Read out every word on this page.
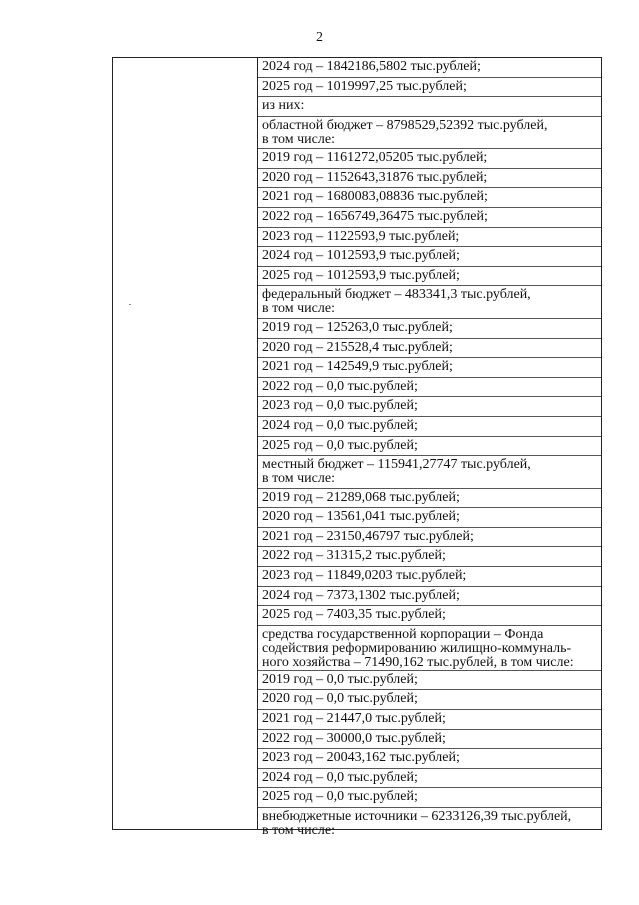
2
2024 год – 1842186,5802 тыс.рублей;
2025 год – 1019997,25 тыс.рублей;
из них:
областной бюджет – 8798529,52392 тыс.рублей,
в том числе:
2019 год – 1161272,05205 тыс.рублей;
2020 год – 1152643,31876 тыс.рублей;
2021 год – 1680083,08836 тыс.рублей;
2022 год – 1656749,36475 тыс.рублей;
2023 год – 1122593,9 тыс.рублей;
2024 год – 1012593,9 тыс.рублей;
2025 год – 1012593,9 тыс.рублей;
федеральный бюджет – 483341,3 тыс.рублей,
в том числе:
2019 год – 125263,0 тыс.рублей;
2020 год – 215528,4 тыс.рублей;
2021 год – 142549,9 тыс.рублей;
2022 год – 0,0 тыс.рублей;
2023 год – 0,0 тыс.рублей;
2024 год – 0,0 тыс.рублей;
2025 год – 0,0 тыс.рублей;
местный бюджет – 115941,27747 тыс.рублей,
в том числе:
2019 год – 21289,068 тыс.рублей;
2020 год – 13561,041 тыс.рублей;
2021 год – 23150,46797 тыс.рублей;
2022 год – 31315,2 тыс.рублей;
2023 год – 11849,0203 тыс.рублей;
2024 год – 7373,1302 тыс.рублей;
2025 год – 7403,35 тыс.рублей;
средства государственной корпорации – Фонда
содействия реформированию жилищно-коммуналь-
ного хозяйства – 71490,162 тыс.рублей, в том числе:
2019 год – 0,0 тыс.рублей;
2020 год – 0,0 тыс.рублей;
2021 год – 21447,0 тыс.рублей;
2022 год – 30000,0 тыс.рублей;
2023 год – 20043,162 тыс.рублей;
2024 год – 0,0 тыс.рублей;
2025 год – 0,0 тыс.рублей;
внебюджетные источники – 6233126,39 тыс.рублей,
в том числе:
